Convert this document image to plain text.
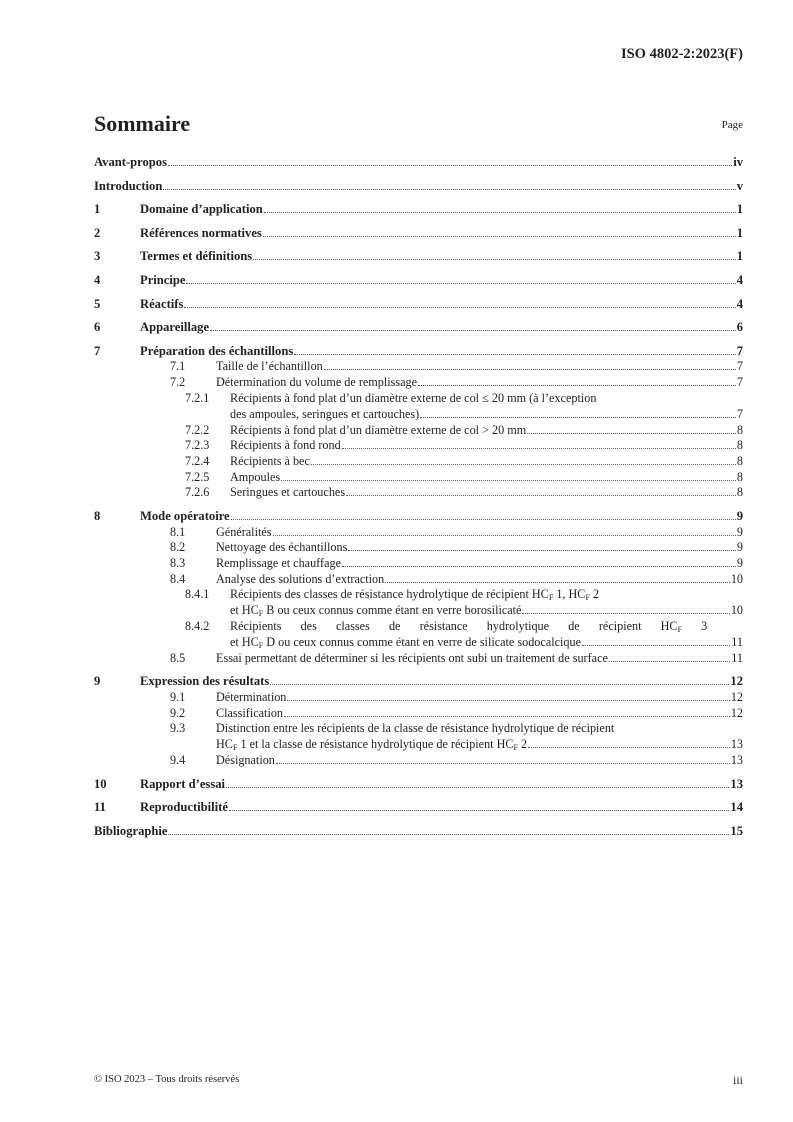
ISO 4802-2:2023(F)
Sommaire	Page
Avant-propos	iv
Introduction	v
1	Domaine d’application	1
2	Références normatives	1
3	Termes et définitions	1
4	Principe	4
5	Réactifs	4
6	Appareillage	6
7	Préparation des échantillons	7
7.1	Taille de l’échantillon	7
7.2	Détermination du volume de remplissage	7
7.2.1	Récipients à fond plat d’un diamètre externe de col ≤ 20 mm (à l’exception
des ampoules, seringues et cartouches)	7
7.2.2	Récipients à fond plat d’un diamètre externe de col > 20 mm	8
7.2.3	Récipients à fond rond	8
7.2.4	Récipients à bec	8
7.2.5	Ampoules	8
7.2.6	Seringues et cartouches	8
8	Mode opératoire	9
8.1	Généralités	9
8.2	Nettoyage des échantillons	9
8.3	Remplissage et chauffage	9
8.4	Analyse des solutions d’extraction	10
8.4.1	Récipients des classes de résistance hydrolytique de récipient $HC_F$ 1, $HC_F$ 2
et $HC_F$ B ou ceux connus comme étant en verre borosilicaté	10
8.4.2	Récipients des classes de résistance hydrolytique de récipient $HC_F$ 3
et $HC_F$ D ou ceux connus comme étant en verre de silicate sodocalcique	11
8.5	Essai permettant de déterminer si les récipients ont subi un traitement de surface	11
9	Expression des résultats	12
9.1	Détermination	12
9.2	Classification	12
9.3	Distinction entre les récipients de la classe de résistance hydrolytique de récipient
$HC_F$ 1 et la classe de résistance hydrolytique de récipient $HC_F$ 2	13
9.4	Désignation	13
10	Rapport d’essai	13
11	Reproductibilité	14
Bibliographie	15
© ISO 2023 – Tous droits réservés	iii
